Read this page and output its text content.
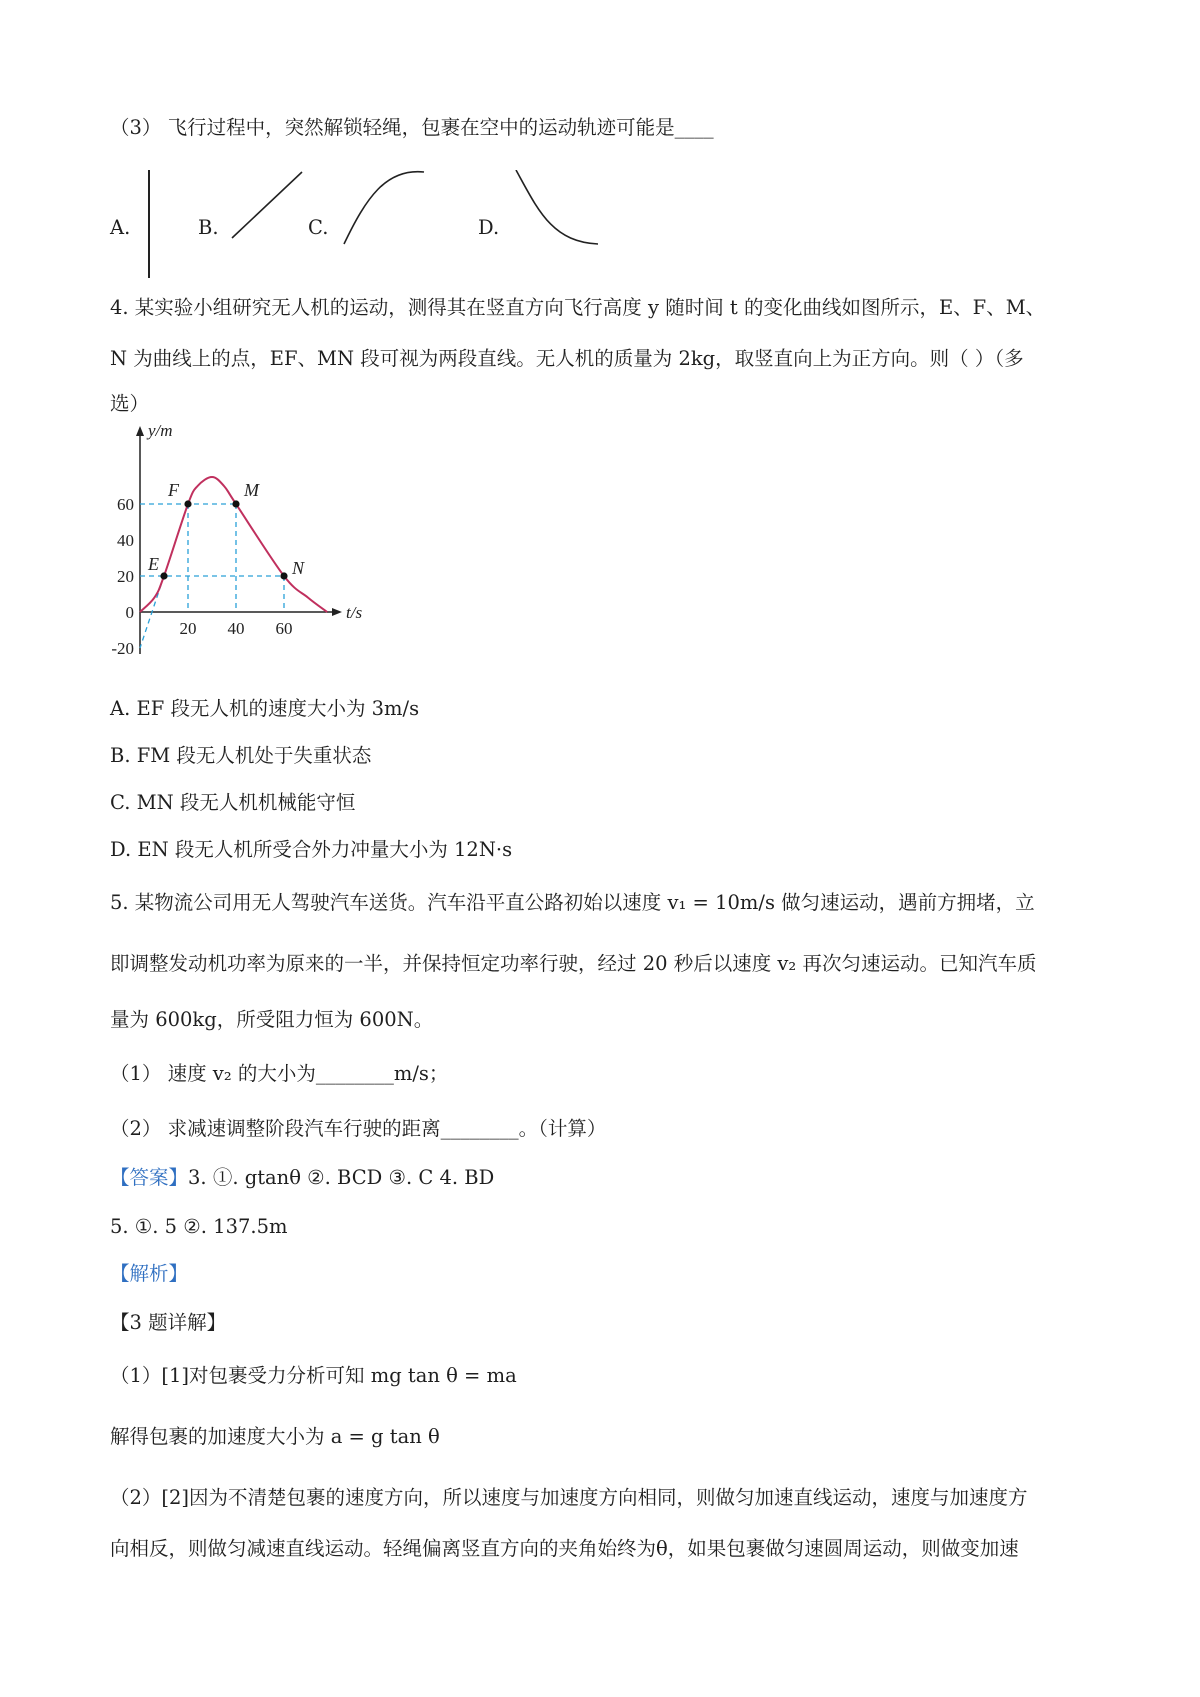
（3） 飞行过程中，突然解锁轻绳，包裹在空中的运动轨迹可能是____
A.	B.	C.	D.
4. 某实验小组研究无人机的运动，测得其在竖直方向飞行高度 y 随时间 t 的变化曲线如图所示，E、F、M、
N 为曲线上的点，EF、MN 段可视为两段直线。无人机的质量为 2kg，取竖直向上为正方向。则（ ）（多
选）
y/m
t/s
60
40
20
0
-20
20 40 60
E
F	M
N
A. EF 段无人机的速度大小为 3m/s
B. FM 段无人机处于失重状态
C. MN 段无人机机械能守恒
D. EN 段无人机所受合外力冲量大小为 12N·s
5. 某物流公司用无人驾驶汽车送货。汽车沿平直公路初始以速度 v₁ = 10m/s 做匀速运动，遇前方拥堵，立
即调整发动机功率为原来的一半，并保持恒定功率行驶，经过 20 秒后以速度 v₂ 再次匀速运动。已知汽车质
量为 600kg，所受阻力恒为 600N。
（1） 速度 v₂ 的大小为________m/s；
（2） 求减速调整阶段汽车行驶的距离________。（计算）
【答案】3. ①. gtanθ ②. BCD ③. C 4. BD
5. ①. 5 ②. 137.5m
【解析】
【3 题详解】
（1）[1]对包裹受力分析可知 mg tan θ = ma
解得包裹的加速度大小为 a = g tan θ
（2）[2]因为不清楚包裹的速度方向，所以速度与加速度方向相同，则做匀加速直线运动，速度与加速度方
向相反，则做匀减速直线运动。轻绳偏离竖直方向的夹角始终为θ，如果包裹做匀速圆周运动，则做变加速
